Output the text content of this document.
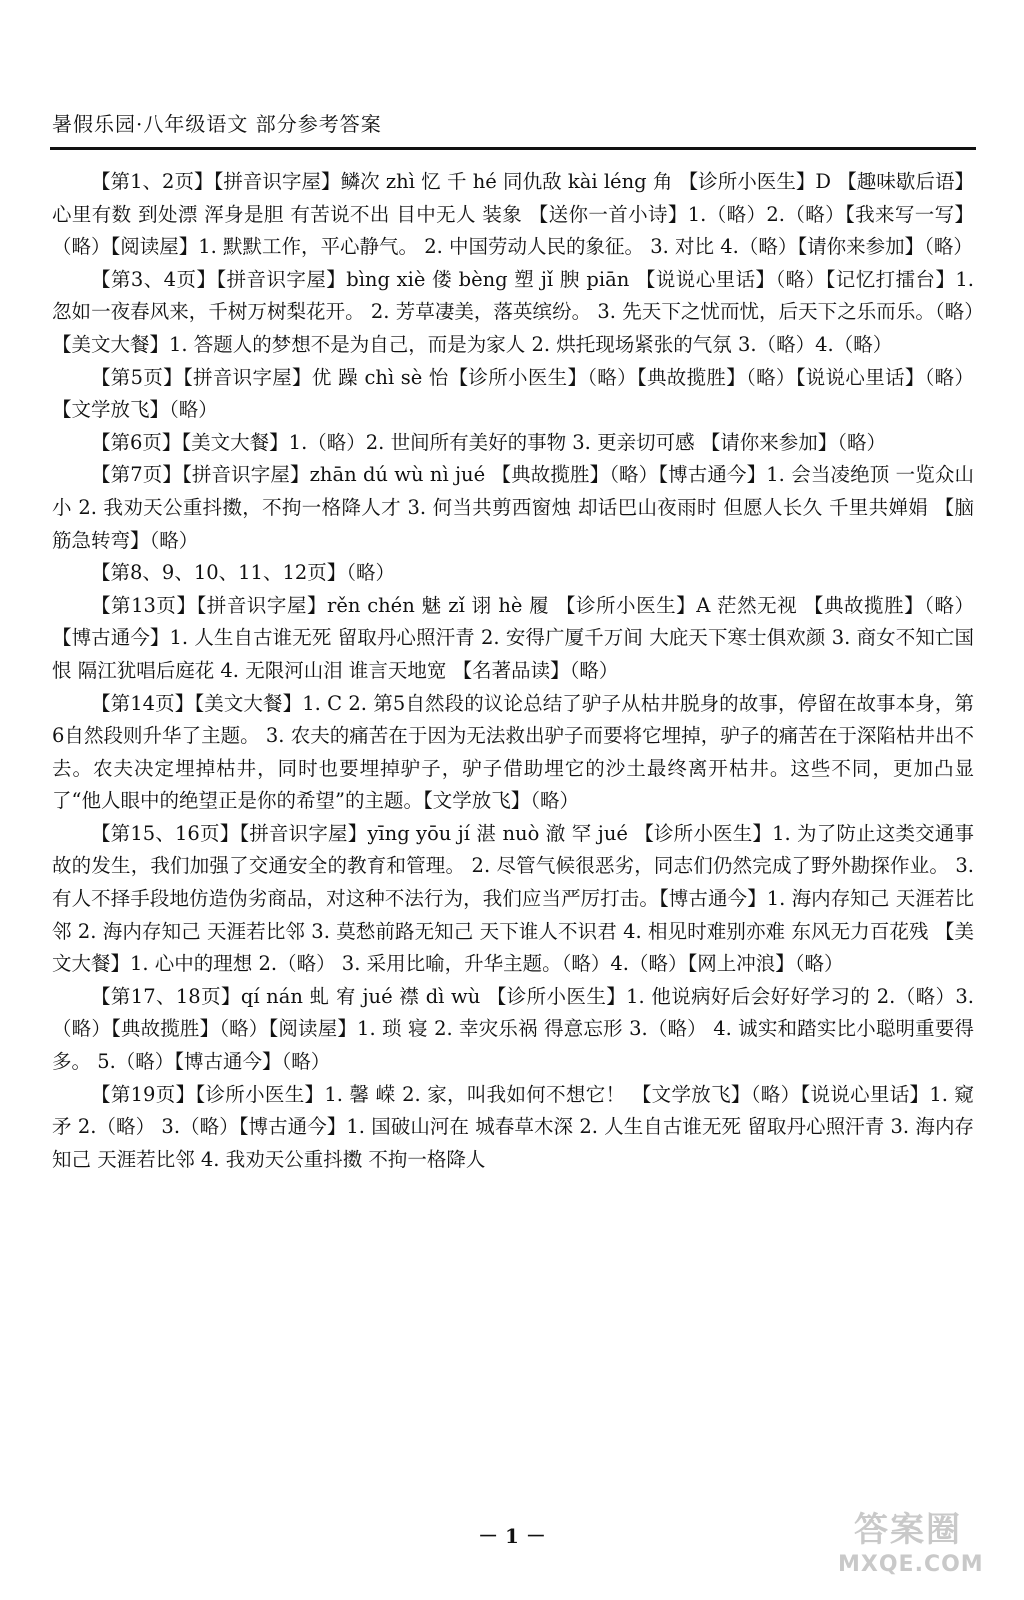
暑假乐园·八年级语文 部分参考答案

【第1、2页】【拼音识字屋】鳞次 zhì 忆 千 hé 同仇敌 kài léng 角 【诊所小医生】D 【趣味歇后语】心里有数 到处漂 浑身是胆 有苦说不出 目中无人 装象 【送你一首小诗】1.（略）2.（略）【我来写一写】（略）【阅读屋】1. 默默工作，平心静气。 2. 中国劳动人民的象征。 3. 对比 4.（略）【请你来参加】（略）

【第3、4页】【拼音识字屋】bìng xiè 偻 bèng 塑 jǐ 腴 piān 【说说心里话】（略）【记忆打擂台】1. 忽如一夜春风来，千树万树梨花开。 2. 芳草凄美，落英缤纷。 3. 先天下之忧而忧，后天下之乐而乐。（略）【美文大餐】1. 答题人的梦想不是为自己，而是为家人 2. 烘托现场紧张的气氛 3.（略）4.（略）

【第5页】【拼音识字屋】优 躁 chì sè 怡【诊所小医生】（略）【典故揽胜】（略）【说说心里话】（略）【文学放飞】（略）

【第6页】【美文大餐】1.（略）2. 世间所有美好的事物 3. 更亲切可感 【请你来参加】（略）

【第7页】【拼音识字屋】zhān dú wù nì jué 【典故揽胜】（略）【博古通今】1. 会当凌绝顶 一览众山小 2. 我劝天公重抖擞，不拘一格降人才 3. 何当共剪西窗烛 却话巴山夜雨时 但愿人长久 千里共婵娟 【脑筋急转弯】（略）

【第8、9、10、11、12页】（略）

【第13页】【拼音识字屋】rěn chén 魅 zǐ 诩 hè 履 【诊所小医生】A 茫然无视 【典故揽胜】（略）【博古通今】1. 人生自古谁无死 留取丹心照汗青 2. 安得广厦千万间 大庇天下寒士俱欢颜 3. 商女不知亡国恨 隔江犹唱后庭花 4. 无限河山泪 谁言天地宽 【名著品读】（略）

【第14页】【美文大餐】1. C 2. 第5自然段的议论总结了驴子从枯井脱身的故事，停留在故事本身，第6自然段则升华了主题。 3. 农夫的痛苦在于因为无法救出驴子而要将它埋掉，驴子的痛苦在于深陷枯井出不去。农夫决定埋掉枯井，同时也要埋掉驴子，驴子借助埋它的沙土最终离开枯井。这些不同，更加凸显了“他人眼中的绝望正是你的希望”的主题。【文学放飞】（略）

【第15、16页】【拼音识字屋】yīng yōu jí 湛 nuò 澈 罕 jué 【诊所小医生】1. 为了防止这类交通事故的发生，我们加强了交通安全的教育和管理。 2. 尽管气候很恶劣，同志们仍然完成了野外勘探作业。 3. 有人不择手段地仿造伪劣商品，对这种不法行为，我们应当严厉打击。【博古通今】1. 海内存知己 天涯若比邻 2. 海内存知己 天涯若比邻 3. 莫愁前路无知己 天下谁人不识君 4. 相见时难别亦难 东风无力百花残 【美文大餐】1. 心中的理想 2.（略） 3. 采用比喻，升华主题。（略）4.（略）【网上冲浪】（略）

【第17、18页】qí nán 虬 宥 jué 襟 dì wù 【诊所小医生】1. 他说病好后会好好学习的 2.（略）3.（略）【典故揽胜】（略）【阅读屋】1. 琐 寝 2. 幸灾乐祸 得意忘形 3.（略） 4. 诚实和踏实比小聪明重要得多。 5.（略）【博古通今】（略）

【第19页】【诊所小医生】1. 馨 嵘 2. 家，叫我如何不想它！ 【文学放飞】（略）【说说心里话】1. 窥 矛 2.（略） 3.（略）【博古通今】1. 国破山河在 城春草木深 2. 人生自古谁无死 留取丹心照汗青 3. 海内存知己 天涯若比邻 4. 我劝天公重抖擞 不拘一格降人

－ 1 －	答案圈
MXQE.COM
